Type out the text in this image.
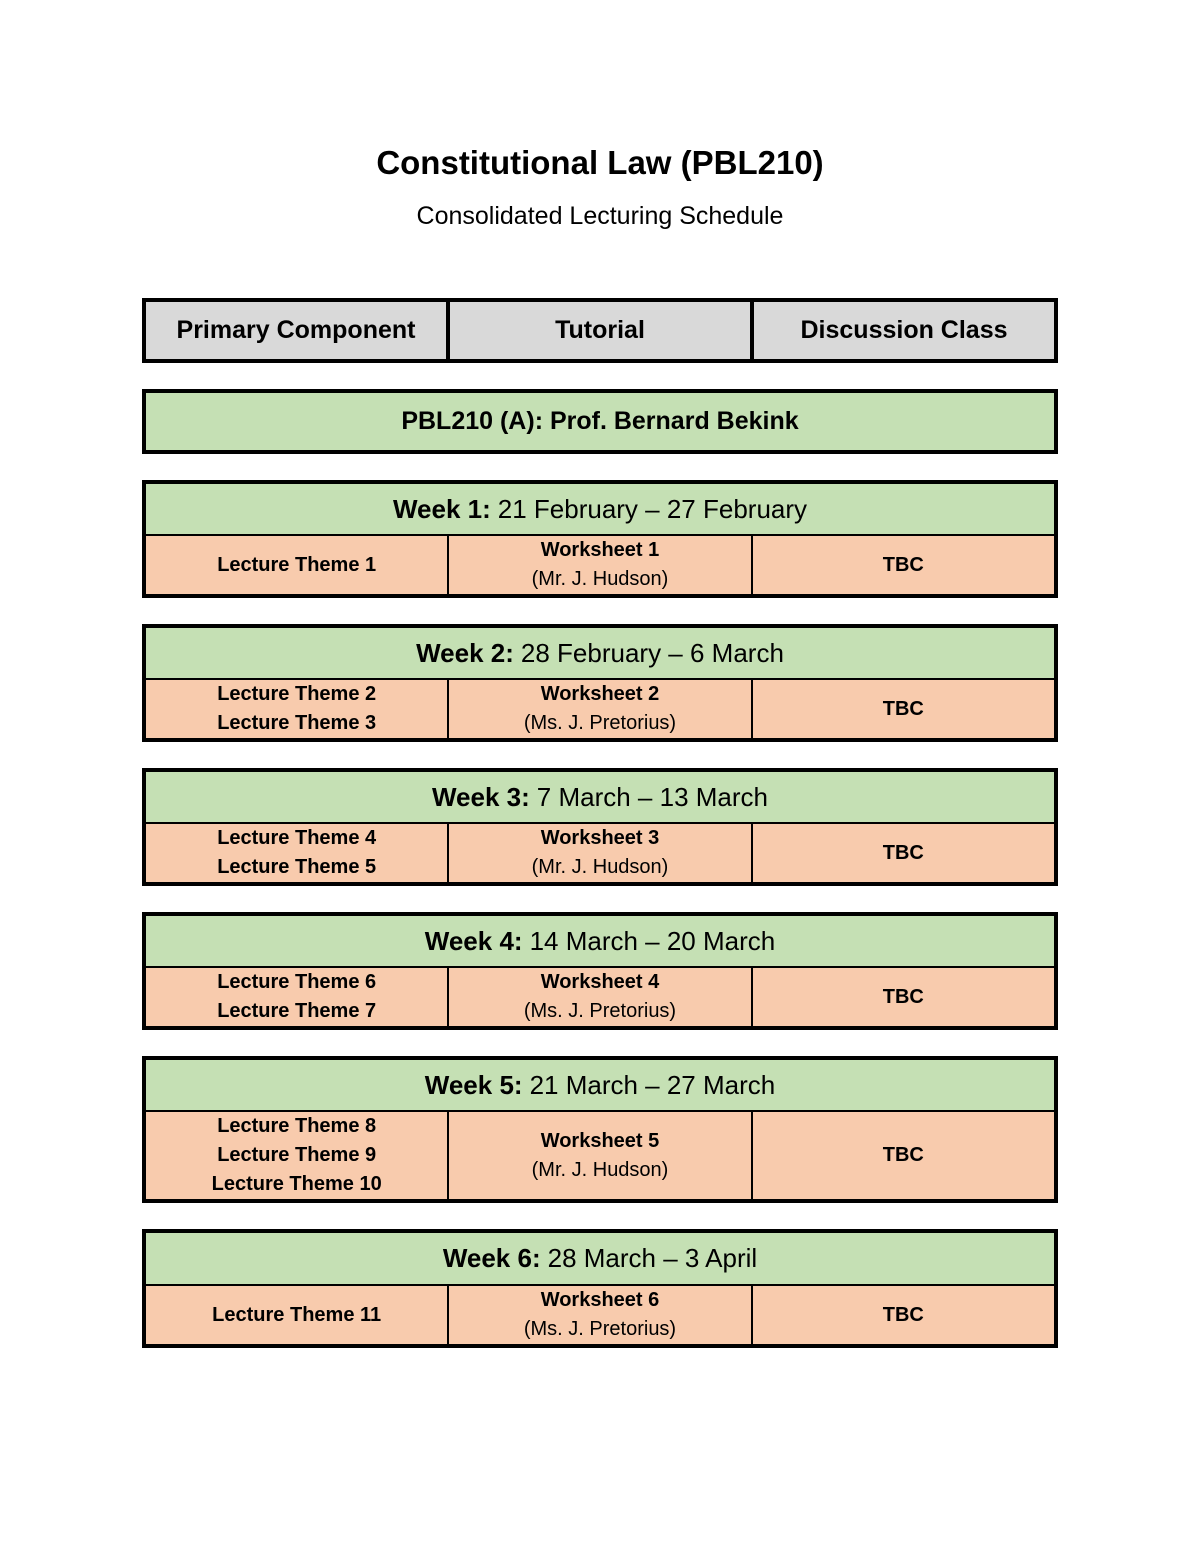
Constitutional Law (PBL210)
Consolidated Lecturing Schedule
Primary Component	Tutorial	Discussion Class
PBL210 (A): Prof. Bernard Bekink
Week 1: 21 February – 27 February
Lecture Theme 1
Worksheet 1
(Mr. J. Hudson)
TBC
Week 2: 28 February – 6 March
Lecture Theme 2
Lecture Theme 3
Worksheet 2
(Ms. J. Pretorius)
TBC
Week 3: 7 March – 13 March
Lecture Theme 4
Lecture Theme 5
Worksheet 3
(Mr. J. Hudson)
TBC
Week 4: 14 March – 20 March
Lecture Theme 6
Lecture Theme 7
Worksheet 4
(Ms. J. Pretorius)
TBC
Week 5: 21 March – 27 March
Lecture Theme 8
Lecture Theme 9
Lecture Theme 10
Worksheet 5
(Mr. J. Hudson)
TBC
Week 6: 28 March – 3 April
Lecture Theme 11
Worksheet 6
(Ms. J. Pretorius)
TBC
